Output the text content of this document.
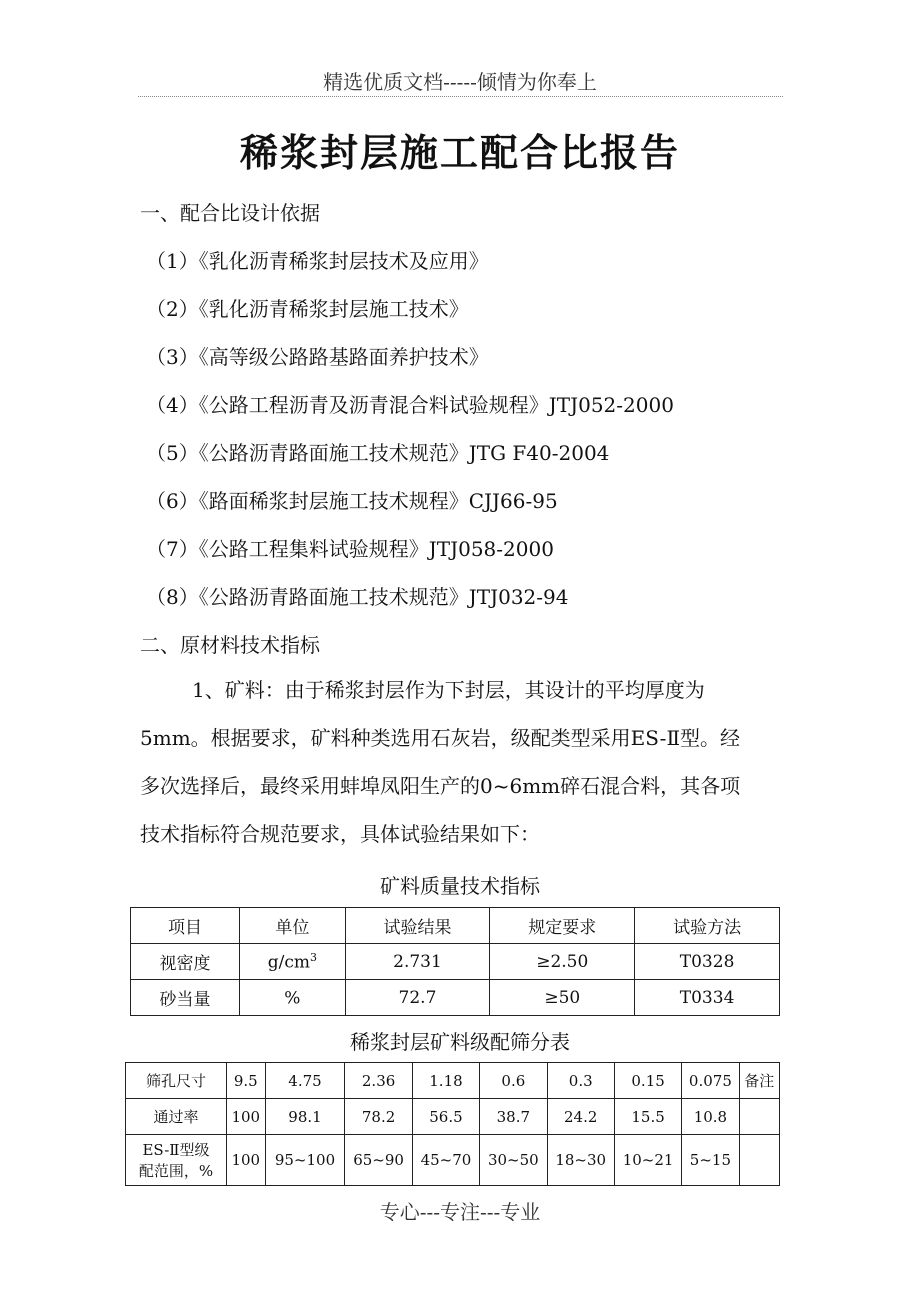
精选优质文档-----倾情为你奉上
稀浆封层施工配合比报告
一、配合比设计依据
（1）《乳化沥青稀浆封层技术及应用》
（2）《乳化沥青稀浆封层施工技术》
（3）《高等级公路路基路面养护技术》
（4）《公路工程沥青及沥青混合料试验规程》JTJ052-2000
（5）《公路沥青路面施工技术规范》JTG F40-2004
（6）《路面稀浆封层施工技术规程》CJJ66-95
（7）《公路工程集料试验规程》JTJ058-2000
（8）《公路沥青路面施工技术规范》JTJ032-94
二、原材料技术指标

1、矿料：由于稀浆封层作为下封层，其设计的平均厚度为

5mm。根据要求，矿料种类选用石灰岩，级配类型采用ES-Ⅱ型。经

多次选择后，最终采用蚌埠凤阳生产的0~6mm碎石混合料，其各项

技术指标符合规范要求，具体试验结果如下：

矿料质量技术指标
项目	单位	试验结果	规定要求	试验方法
视密度	$g/cm^3$	2.731	≥2.50	T0328
砂当量	%	72.7	≥50	T0334
稀浆封层矿料级配筛分表
筛孔尺寸	9.5	4.75	2.36	1.18	0.6	0.3	0.15	0.075	备注
通过率	100	98.1	78.2	56.5	38.7	24.2	15.5	10.8	
ES-Ⅱ型级
配范围，%	100	95~100	65~90	45~70	30~50	18~30	10~21	5~15	
专心---专注---专业
